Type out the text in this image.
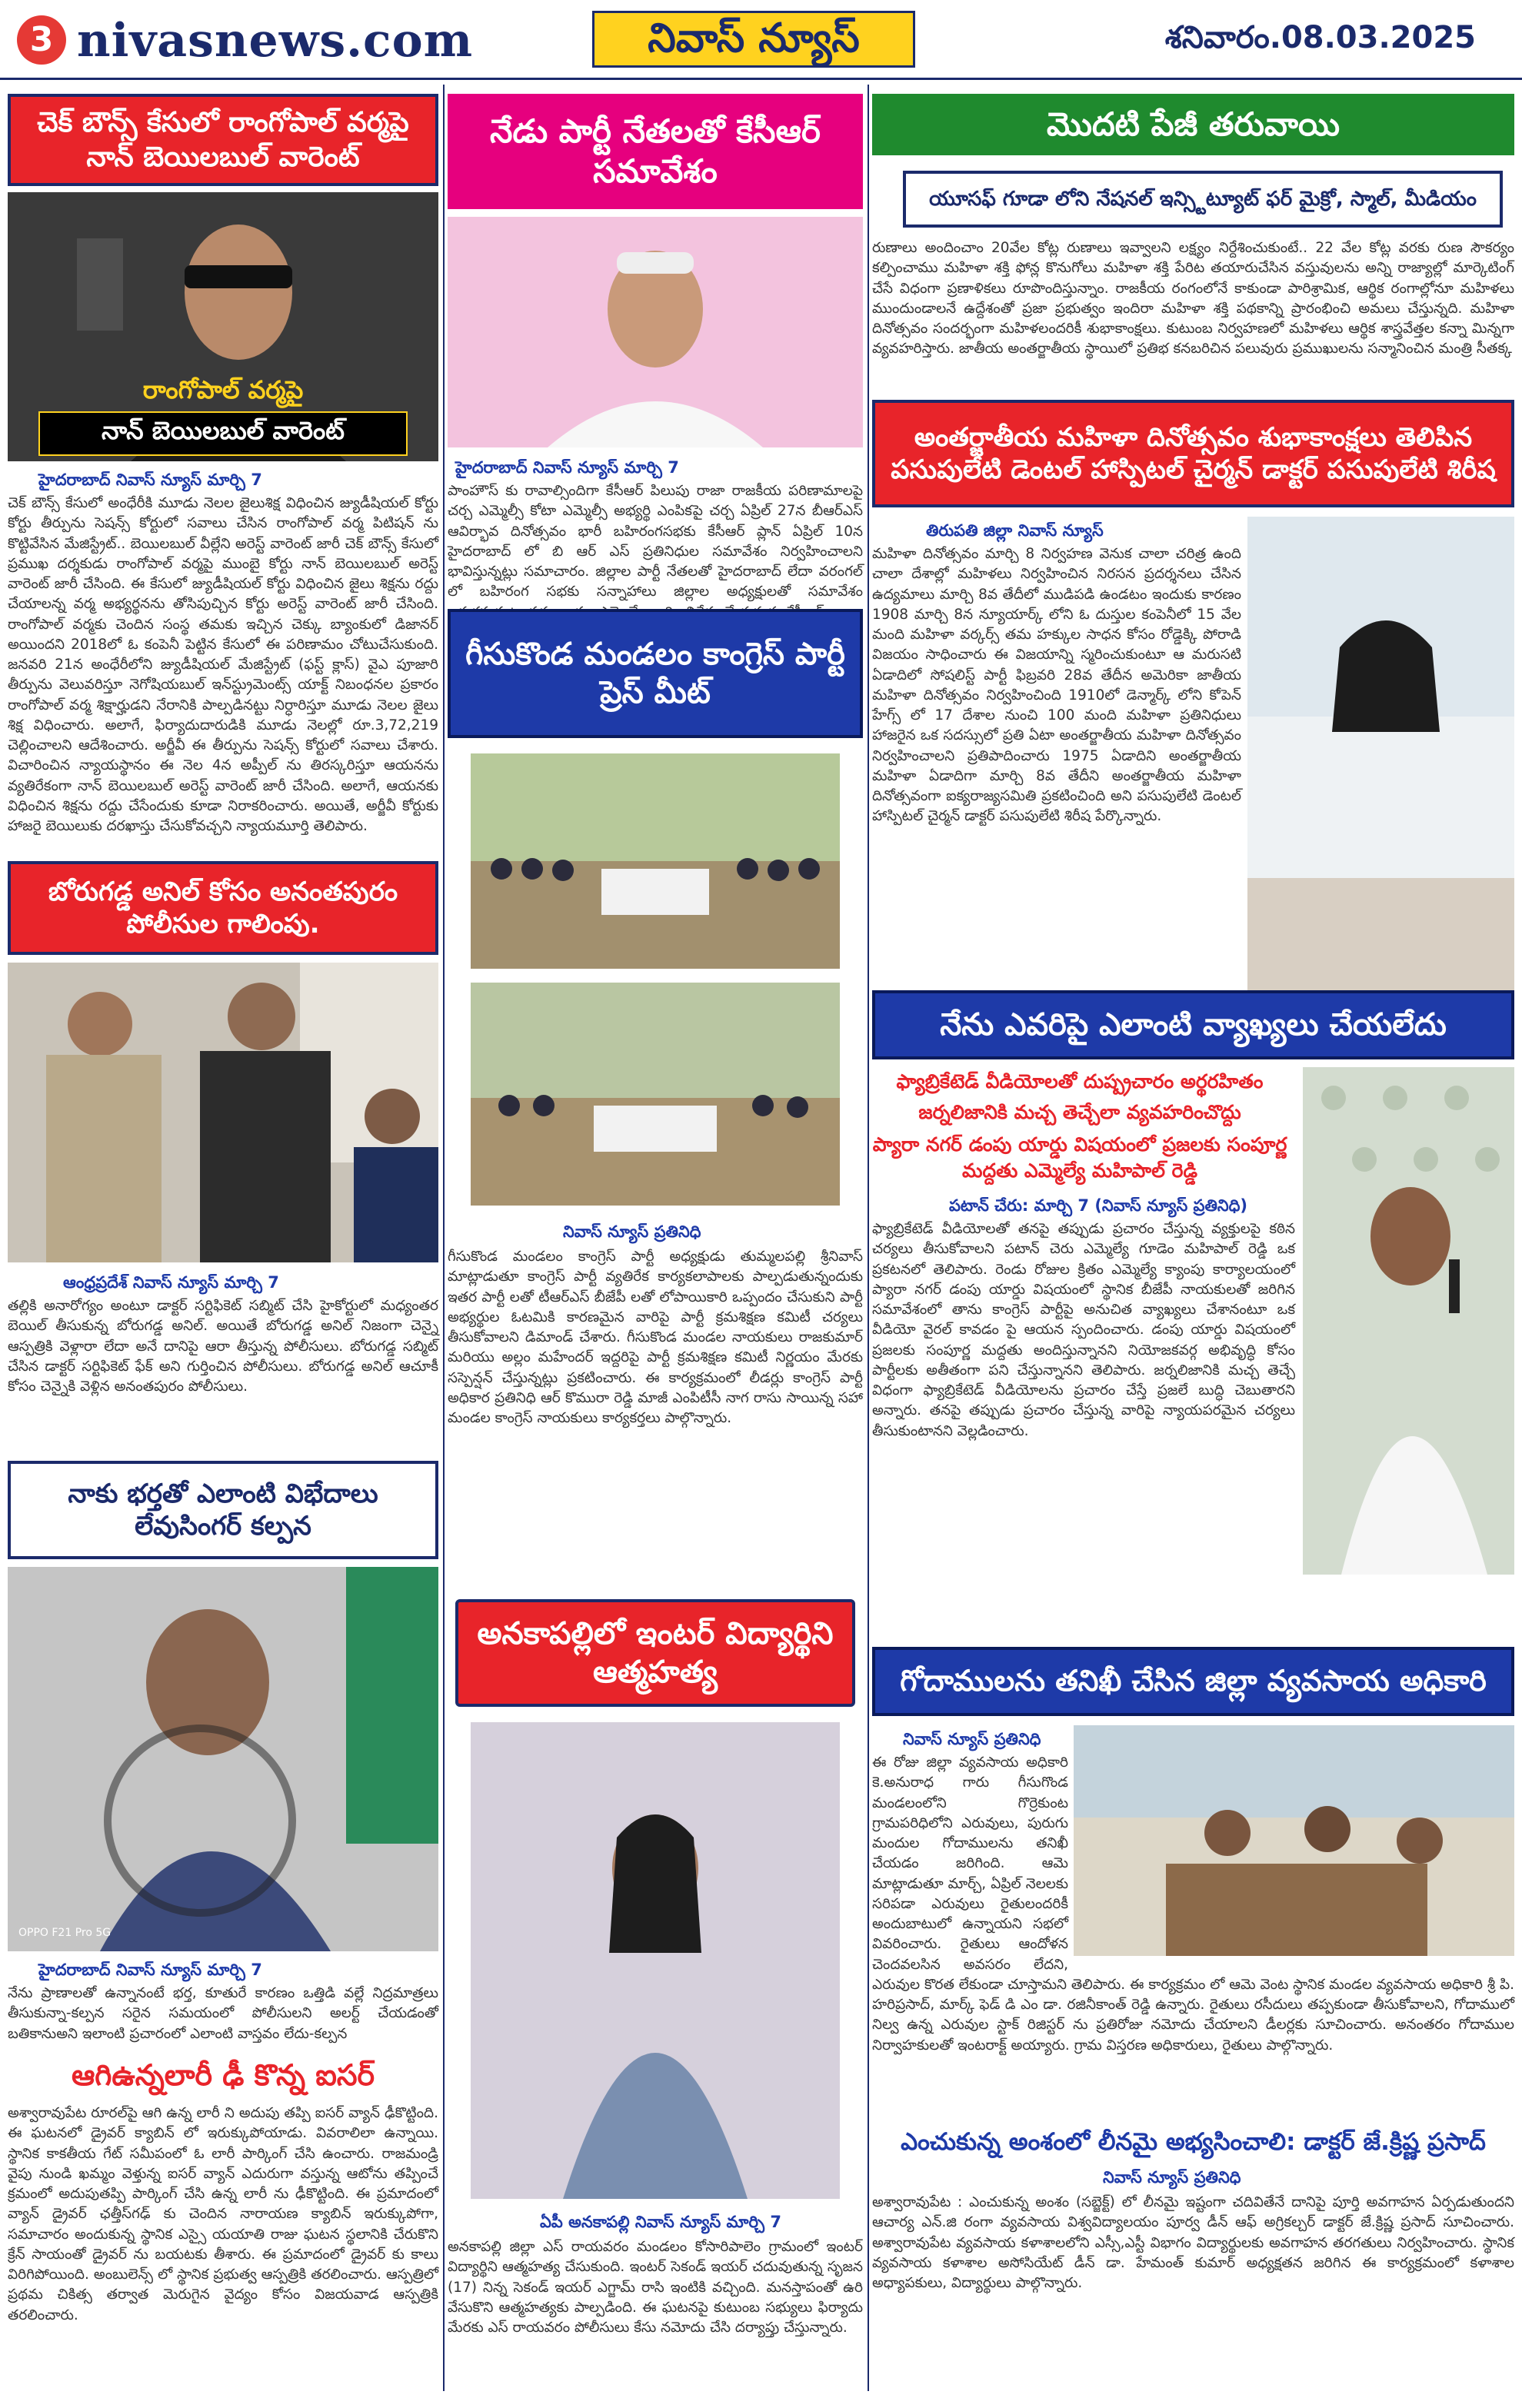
3 nivasnews.com	నివాస్ న్యూస్	శనివారం.08.03.2025
చెక్ బౌన్స్ కేసులో రాంగోపాల్ వర్మపై నాన్ బెయిలబుల్ వారెంట్
రాంగోపాల్ వర్మపై
నాన్ బెయిలబుల్ వారెంట్
హైదరాబాద్ నివాస్ న్యూస్ మార్చి 7
చెక్ బౌన్స్ కేసులో అంధేరీకి మూడు నెలల జైలుశిక్ష విధించిన జ్యుడీషియల్ కోర్టు కోర్టు తీర్పును సెషన్స్ కోర్టులో సవాలు చేసిన రాంగోపాల్ వర్మ పిటిషన్ ను కొట్టివేసిన మేజిస్ట్రేట్.. బెయిలబుల్ వీల్లేని అరెస్ట్ వారెంట్ జారీ చెక్ బౌన్స్ కేసులో ప్రముఖ దర్శకుడు రాంగోపాల్ వర్మపై ముంబై కోర్టు నాన్ బెయిలబుల్ అరెస్ట్ వారెంట్ జారీ చేసింది. ఈ కేసులో జ్యుడీషియల్ కోర్టు విధించిన జైలు శిక్షను రద్దు చేయాలన్న వర్మ అభ్యర్థనను తోసిపుచ్చిన కోర్టు అరెస్ట్ వారెంట్ జారీ చేసింది. రాంగోపాల్ వర్మకు చెందిన సంస్థ తమకు ఇచ్చిన చెక్కు బ్యాంకులో డిజానర్ అయిందని 2018లో ఓ కంపెనీ పెట్టిన కేసులో ఈ పరిణామం చోటుచేసుకుంది. జనవరి 21న అంధేరీలోని జ్యుడీషియల్ మేజిస్ట్రేట్ (ఫస్ట్ క్లాస్) వైఎ పూజారి తీర్పును వెలువరిస్తూ నెగోషియబుల్ ఇన్‌స్ట్రుమెంట్స్ యాక్ట్ నిబంధనల ప్రకారం రాంగోపాల్ వర్మ శిక్షార్హుడని నేరానికి పాల్పడినట్టు నిర్ధారిస్తూ మూడు నెలల జైలు శిక్ష విధించారు. అలాగే, ఫిర్యాదుదారుడికి మూడు నెలల్లో రూ.3,72,219 చెల్లించాలని ఆదేశించారు. అర్జీవీ ఈ తీర్పును సెషన్స్ కోర్టులో సవాలు చేశారు. విచారించిన న్యాయస్థానం ఈ నెల 4న అప్పీల్ ను తిరస్కరిస్తూ ఆయనను వ్యతిరేకంగా నాన్ బెయిలబుల్ అరెస్ట్ వారెంట్ జారీ చేసింది. అలాగే, ఆయనకు విధించిన శిక్షను రద్దు చేసేందుకు కూడా నిరాకరించారు. అయితే, అర్జీవీ కోర్టుకు హాజరై బెయిలుకు దరఖాస్తు చేసుకోవచ్చని న్యాయమూర్తి తెలిపారు.
బోరుగడ్డ అనిల్ కోసం అనంతపురం పోలీసుల గాలింపు.
ఆంధ్రప్రదేశ్ నివాస్ న్యూస్ మార్చి 7
తల్లికి అనారోగ్యం అంటూ డాక్టర్ సర్టిఫికెట్ సబ్మిట్ చేసి హైకోర్టులో మధ్యంతర బెయిల్ తీసుకున్న బోరుగడ్డ అనిల్. అయితే బోరుగడ్డ అనిల్ నిజంగా చెన్నై ఆస్పత్రికి వెళ్లారా లేదా అనే దానిపై ఆరా తీస్తున్న పోలీసులు. బోరుగడ్డ సబ్మిట్ చేసిన డాక్టర్ సర్టిఫికెట్ ఫేక్ అని గుర్తించిన పోలీసులు. బోరుగడ్డ అనిల్ ఆచూకీ కోసం చెన్నైకి వెళ్లిన అనంతపురం పోలీసులు.
నాకు భర్తతో ఎలాంటి విభేదాలు లేవుసింగర్ కల్పన
OPPO F21 Pro 5G
హైదరాబాద్ నివాస్ న్యూస్ మార్చి 7
నేను ప్రాణాలతో ఉన్నానంటే భర్త, కూతురే కారణం ఒత్తిడి వల్లే నిద్రమాత్రలు తీసుకున్నా-కల్పన సరైన సమయంలో పోలీసులని అలర్ట్ చేయడంతో బతికానుఅని ఇలాంటి ప్రచారంలో ఎలాంటి వాస్తవం లేదు-కల్పన
ఆగిఉన్నలారీ ఢీ కొన్న ఐసర్
అశ్వారావుపేట రూరల్‌పై ఆగి ఉన్న లారీ ని అదుపు తప్పి ఐసర్ వ్యాన్ ఢీకొట్టింది. ఈ ఘటనలో డ్రైవర్ క్యాబిన్ లో ఇరుక్కుపోయాడు. వివరాలిలా ఉన్నాయి. స్థానిక కాకతీయ గేట్ సమీపంలో ఓ లారీ పార్కింగ్ చేసి ఉంచారు. రాజమండ్రి వైపు నుండి ఖమ్మం వెళ్తున్న ఐసర్ వ్యాన్ ఎదురుగా వస్తున్న ఆటోను తప్పించే క్రమంలో అదుపుతప్పి పార్కింగ్ చేసి ఉన్న లారీ ను ఢీకొట్టింది. ఈ ప్రమాదంలో వ్యాన్ డ్రైవర్ ఛత్తీస్‌గఢ్ కు చెందిన నారాయణ క్యాబిన్ ఇరుక్కుపోగా, సమాచారం అందుకున్న స్థానిక ఎస్సై యయాతి రాజు ఘటన స్థలానికి చేరుకొని క్రేన్ సాయంతో డ్రైవర్ ను బయటకు తీశారు. ఈ ప్రమాదంలో డ్రైవర్ కు కాలు విరిగిపోయింది. అంబులెన్స్ లో స్థానిక ప్రభుత్వ ఆస్పత్రికి తరలించారు. ఆస్పత్రిలో ప్రథమ చికిత్స తర్వాత మెరుగైన వైద్యం కోసం విజయవాడ ఆస్పత్రికి తరలించారు.
నేడు పార్టీ నేతలతో కేసీఆర్ సమావేశం
హైదరాబాద్ నివాస్ న్యూస్ మార్చి 7
పాంహౌస్ కు రావాల్సిందిగా కేసీఆర్ పిలుపు రాజా రాజకీయ పరిణామాలపై చర్చ ఎమ్మెల్సీ కోటా ఎమ్మెల్సీ అభ్యర్థి ఎంపికపై చర్చ ఏప్రిల్ 27న బీఆర్ఎస్ ఆవిర్భావ దినోత్సవం భారీ బహిరంగసభకు కేసీఆర్ ప్లాన్ ఏప్రిల్ 10న హైదరాబాద్ లో బి ఆర్ ఎస్ ప్రతినిధుల సమావేశం నిర్వహించాలని భావిస్తున్నట్లు సమాచారం. జిల్లాల పార్టీ నేతలతో హైదరాబాద్ లేదా వరంగల్ లో బహిరంగ సభకు సన్నాహాలు జిల్లాల అధ్యక్షులతో సమావేశం
గీసుకొండ మండలం కాంగ్రెస్ పార్టీ ప్రెస్ మీట్
నివాస్ న్యూస్ ప్రతినిధి
గీసుకొండ మండలం కాంగ్రెస్ పార్టీ అధ్యక్షుడు తుమ్మలపల్లి శ్రీనివాస్ మాట్లాడుతూ కాంగ్రెస్ పార్టీ వ్యతిరేక కార్యకలాపాలకు పాల్పడుతున్నందుకు ఇతర పార్టీ లతో టీఆర్ఎస్ బీజేపీ లతో లోపాయికారి ఒప్పందం చేసుకుని పార్టీ అభ్యర్థుల ఓటమికి కారణమైన వారిపై పార్టీ క్రమశిక్షణ కమిటీ చర్యలు తీసుకోవాలని డిమాండ్ చేశారు. గీసుకొండ మండల నాయకులు రాజకుమార్ మరియు అల్లం మహేందర్ ఇద్దరిపై పార్టీ క్రమశిక్షణ కమిటీ నిర్ణయం మేరకు సస్పెన్షన్ చేస్తున్నట్లు ప్రకటించారు. ఈ కార్యక్రమంలో లీడర్లు కాంగ్రెస్ పార్టీ అధికార ప్రతినిధి ఆర్ కొమురా రెడ్డి మాజీ ఎంపిటీసీ నాగ రాసు సాయిన్న సహా మండల కాంగ్రెస్ నాయకులు కార్యకర్తలు పాల్గొన్నారు.
అనకాపల్లిలో ఇంటర్ విద్యార్థిని ఆత్మహత్య
ఏపీ అనకాపల్లి నివాస్ న్యూస్ మార్చి 7
అనకాపల్లి జిల్లా ఎస్ రాయవరం మండలం కోసారిపాలెం గ్రామంలో ఇంటర్ విద్యార్థిని ఆత్మహత్య చేసుకుంది. ఇంటర్ సెకండ్ ఇయర్ చదువుతున్న సృజన (17) నిన్న సెకండ్ ఇయర్ ఎగ్జామ్ రాసి ఇంటికి వచ్చింది. మనస్తాపంతో ఉరి వేసుకొని ఆత్మహత్యకు పాల్పడింది. ఈ ఘటనపై కుటుంబ సభ్యులు ఫిర్యాదు మేరకు ఎస్ రాయవరం పోలీసులు కేసు నమోదు చేసి దర్యాప్తు చేస్తున్నారు.
మొదటి పేజీ తరువాయి
యూసఫ్ గూడా లోని నేషనల్ ఇన్స్టిట్యూట్ ఫర్ మైక్రో, స్మాల్, మీడియం
రుణాలు అందించాం 20వేల కోట్ల రుణాలు ఇవ్వాలని లక్ష్యం నిర్దేశించుకుంటే.. 22 వేల కోట్ల వరకు రుణ సౌకర్యం కల్పించాము మహిళా శక్తి ఫోన్ల కొనుగోలు మహిళా శక్తి పేరిట తయారుచేసిన వస్తువులను అన్ని రాజ్యాల్లో మార్కెటింగ్ చేసే విధంగా ప్రణాళికలు రూపొందిస్తున్నాం. రాజకీయ రంగంలోనే కాకుండా పారిశ్రామిక, ఆర్థిక రంగాల్లోనూ మహిళలు ముందుండాలనే ఉద్దేశంతో ప్రజా ప్రభుత్వం ఇందిరా మహిళా శక్తి పథకాన్ని ప్రారంభించి అమలు చేస్తున్నది. మహిళా దినోత్సవం సందర్భంగా మహిళలందరికీ శుభాకాంక్షలు. కుటుంబ నిర్వహణలో మహిళలు ఆర్థిక శాస్త్రవేత్తల కన్నా మిన్నగా వ్యవహరిస్తారు. జాతీయ అంతర్జాతీయ స్థాయిలో ప్రతిభ కనబరిచిన పలువురు ప్రముఖులను సన్మానించిన మంత్రి సీతక్క
అంతర్జాతీయ మహిళా దినోత్సవం శుభాకాంక్షలు తెలిపిన పసుపులేటి డెంటల్ హాస్పిటల్ చైర్మన్ డాక్టర్ పసుపులేటి శిరీష
తిరుపతి జిల్లా నివాస్ న్యూస్
మహిళా దినోత్సవం మార్చి 8 నిర్వహణ వెనుక చాలా చరిత్ర ఉంది చాలా దేశాల్లో మహిళలు నిర్వహించిన నిరసన ప్రదర్శనలు చేసిన ఉద్యమాలు మార్చి 8వ తేదీలో ముడిపడి ఉండటం ఇందుకు కారణం 1908 మార్చి 8న న్యూయార్క్ లోని ఓ దుస్తుల కంపెనీలో 15 వేల మంది మహిళా వర్కర్స్ తమ హక్కుల సాధన కోసం రోడ్డెక్కి పోరాడి విజయం సాధించారు ఈ విజయాన్ని స్మరించుకుంటూ ఆ మరుసటి ఏడాదిలో సోషలిస్ట్ పార్టీ ఫిబ్రవరి 28వ తేదీన అమెరికా జాతీయ మహిళా దినోత్సవం నిర్వహించింది 1910లో డెన్మార్క్ లోని కోపెన్ హేగ్స్ లో 17 దేశాల నుంచి 100 మంది మహిళా ప్రతినిధులు హాజరైన ఒక సదస్సులో ప్రతి ఏటా అంతర్జాతీయ మహిళా దినోత్సవం నిర్వహించాలని ప్రతిపాదించారు 1975 ఏడాదిని అంతర్జాతీయ మహిళా ఏడాదిగా మార్చి 8వ తేదీని అంతర్జాతీయ మహిళా దినోత్సవంగా ఐక్యరాజ్యసమితి ప్రకటించింది అని పసుపులేటి డెంటల్ హాస్పిటల్ చైర్మన్ డాక్టర్ పసుపులేటి శిరీష పేర్కొన్నారు.
నేను ఎవరిపై ఎలాంటి వ్యాఖ్యలు చేయలేదు
ఫ్యాబ్రికేటెడ్ వీడియోలతో దుష్ప్రచారం అర్థరహితం
జర్నలిజానికి మచ్చ తెచ్చేలా వ్యవహరించొద్దు
ప్యారా నగర్ డంపు యార్డు విషయంలో ప్రజలకు సంపూర్ణ మద్దతు ఎమ్మెల్యే మహిపాల్ రెడ్డి
పటాన్ చేరు: మార్చి 7 (నివాస్ న్యూస్ ప్రతినిధి)
ఫ్యాబ్రికేటెడ్ వీడియోలతో తనపై తప్పుడు ప్రచారం చేస్తున్న వ్యక్తులపై కఠిన చర్యలు తీసుకోవాలని పటాన్ చెరు ఎమ్మెల్యే గూడెం మహిపాల్ రెడ్డి ఒక ప్రకటనలో తెలిపారు. రెండు రోజుల క్రితం ఎమ్మెల్యే క్యాంపు కార్యాలయంలో ప్యారా నగర్ డంపు యార్డు విషయంలో స్థానిక బీజేపీ నాయకులతో జరిగిన సమావేశంలో తాను కాంగ్రెస్ పార్టీపై అనుచిత వ్యాఖ్యలు చేశానంటూ ఒక వీడియో వైరల్ కావడం పై ఆయన స్పందించారు. డంపు యార్డు విషయంలో ప్రజలకు సంపూర్ణ మద్దతు అందిస్తున్నానని నియోజకవర్గ అభివృద్ధి కోసం పార్టీలకు అతీతంగా పని చేస్తున్నానని తెలిపారు. జర్నలిజానికి మచ్చ తెచ్చే విధంగా ఫ్యాబ్రికేటెడ్ వీడియోలను ప్రచారం చేస్తే ప్రజలే బుద్ధి చెబుతారని అన్నారు. తనపై తప్పుడు ప్రచారం చేస్తున్న వారిపై న్యాయపరమైన చర్యలు తీసుకుంటానని వెల్లడించారు.
గోదాములను తనిఖీ చేసిన జిల్లా వ్యవసాయ అధికారి
నివాస్ న్యూస్ ప్రతినిధి
ఈ రోజు జిల్లా వ్యవసాయ అధికారి కె.అనురాధ గారు గీసుగొండ మండలంలోని గొర్రెకుంట గ్రామపరిధిలోని ఎరువులు, పురుగు మందుల గోదాములను తనిఖీ చేయడం జరిగింది. ఆమె మాట్లాడుతూ మార్చ్, ఏప్రిల్ నెలలకు సరిపడా ఎరువులు రైతులందరికీ అందుబాటులో ఉన్నాయని సభలో వివరించారు. రైతులు ఆందోళన చెందవలసిన అవసరం లేదని, ఎరువుల కొరత లేకుండా చూస్తామని తెలిపారు. ఈ కార్యక్రమం లో ఆమె వెంట స్థానిక మండల వ్యవసాయ అధికారి శ్రీ పి. హరిప్రసాద్, మార్క్ ఫెడ్ డి ఎం డా. రజినీకాంత్ రెడ్డి ఉన్నారు. రైతులు రసీదులు తప్పకుండా తీసుకోవాలని, గోదాములో నిల్వ ఉన్న ఎరువుల స్టాక్ రిజిస్టర్ ను ప్రతిరోజు నమోదు చేయాలని డీలర్లకు సూచించారు. అనంతరం గోదాముల నిర్వాహకులతో ఇంటరాక్ట్ అయ్యారు. గ్రామ విస్తరణ అధికారులు, రైతులు పాల్గొన్నారు.
ఎంచుకున్న అంశంలో లీనమై అభ్యసించాలి: డాక్టర్ జే.క్రిష్ణ ప్రసాద్
నివాస్ న్యూస్ ప్రతినిధి
అశ్వారావుపేట : ఎంచుకున్న అంశం (సబ్జెక్ట్) లో లీనమై ఇష్టంగా చదివితేనే దానిపై పూర్తి అవగాహన ఏర్పడుతుందని ఆచార్య ఎన్.జి రంగా వ్యవసాయ విశ్వవిద్యాలయం పూర్వ డీన్ ఆఫ్ అగ్రికల్చర్ డాక్టర్ జే.క్రిష్ణ ప్రసాద్ సూచించారు. అశ్వారావుపేట వ్యవసాయ కళాశాలలోని ఎస్సీ,ఎస్టీ విభాగం విద్యార్థులకు అవగాహన తరగతులు నిర్వహించారు. స్థానిక వ్యవసాయ కళాశాల అసోసియేట్ డీన్ డా. హేమంత్ కుమార్ అధ్యక్షతన జరిగిన ఈ కార్యక్రమంలో కళాశాల అధ్యాపకులు, విద్యార్థులు పాల్గొన్నారు.
